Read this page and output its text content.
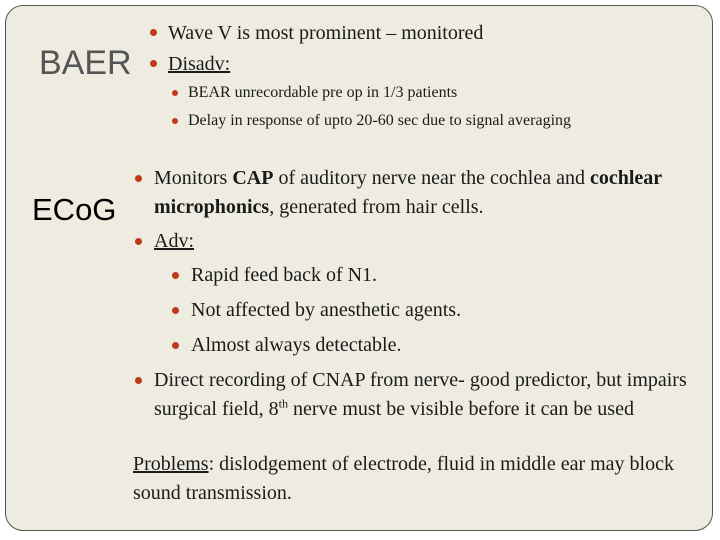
BAER
ECoG
Wave V is most prominent – monitored
Disadv:
BEAR unrecordable pre op in 1/3 patients
Delay in response of upto 20-60 sec due to signal averaging
Monitors CAP of auditory nerve near the cochlea and cochlear microphonics, generated from hair cells.
Adv:
Rapid feed back of N1.
Not affected by anesthetic agents.
Almost always detectable.
Direct recording of CNAP from nerve- good predictor, but impairs surgical field, 8th nerve must be visible before it can be used
Problems: dislodgement of electrode, fluid in middle ear may block sound transmission.
